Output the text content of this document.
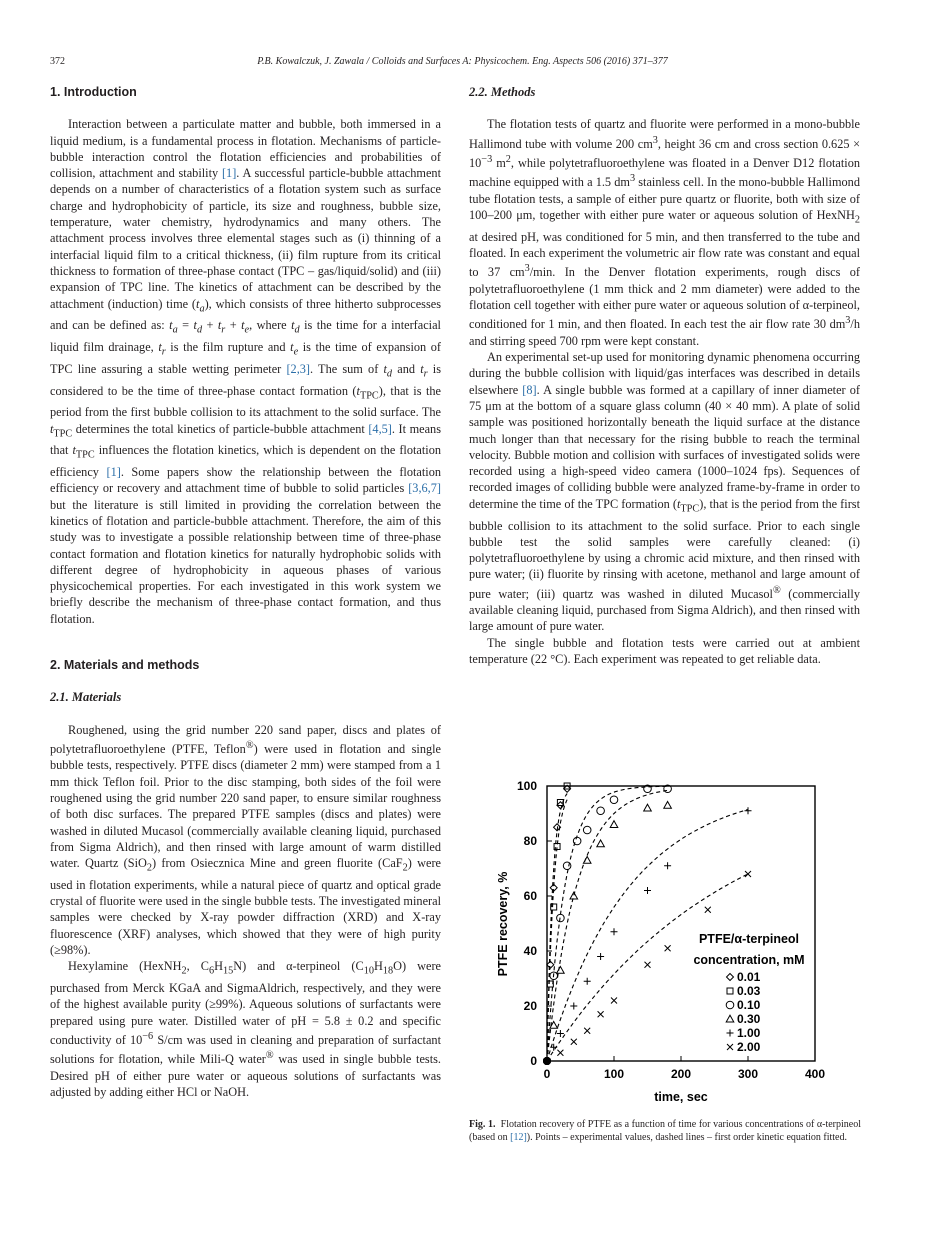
372	P.B. Kowalczuk, J. Zawala / Colloids and Surfaces A: Physicochem. Eng. Aspects 506 (2016) 371–377
1. Introduction

Interaction between a particulate matter and bubble, both immersed in a liquid medium, is a fundamental process in flotation. Mechanisms of particle-bubble interaction control the flotation efficiencies and probabilities of collision, attachment and stability [1]. A successful particle-bubble attachment depends on a number of characteristics of a flotation system such as surface charge and hydrophobicity of particle, its size and roughness, bubble size, temperature, water chemistry, hydrodynamics and many others. The attachment process involves three elemental stages such as (i) thinning of a interfacial liquid film to a critical thickness, (ii) film rupture from its critical thickness to formation of three-phase contact (TPC – gas/liquid/solid) and (iii) expansion of TPC line. The kinetics of attachment can be described by the attachment (induction) time $(t_a)$, which consists of three hitherto subprocesses and can be defined as: $t_a = t_d + t_r + t_e$, where $t_d$ is the time for a interfacial liquid film drainage, $t_r$ is the film rupture and $t_e$ is the time of expansion of TPC line assuring a stable wetting perimeter [2,3]. The sum of $t_d$ and $t_r$ is considered to be the time of three-phase contact formation $(t_{TPC})$, that is the period from the first bubble collision to its attachment to the solid surface. The $t_{TPC}$ determines the total kinetics of particle-bubble attachment [4,5]. It means that $t_{TPC}$ influences the flotation kinetics, which is dependent on the flotation efficiency [1]. Some papers show the relationship between the flotation efficiency or recovery and attachment time of bubble to solid particles [3,6,7] but the literature is still limited in providing the correlation between the kinetics of flotation and particle-bubble attachment. Therefore, the aim of this study was to investigate a possible relationship between time of three-phase contact formation and flotation kinetics for naturally hydrophobic solids with different degree of hydrophobicity in aqueous phases of various physicochemical properties. For each investigated in this work system we briefly describe the mechanism of three-phase contact formation, and thus flotation.

2. Materials and methods
2.1. Materials

Roughened, using the grid number 220 sand paper, discs and plates of polytetrafluoroethylene (PTFE, Teflon®) were used in flotation and single bubble tests, respectively. PTFE discs (diameter 2 mm) were stamped from a 1 mm thick Teflon foil. Prior to the disc stamping, both sides of the foil were roughened using the grid number 220 sand paper, to ensure similar roughness of both disc surfaces. The prepared PTFE samples (discs and plates) were washed in diluted Mucasol (commercially available cleaning liquid, purchased from Sigma Aldrich), and then rinsed with large amount of warm distilled water. Quartz (SiO$_2$) from Osiecznica Mine and green fluorite (CaF$_2$) were used in flotation experiments, while a natural piece of quartz and optical grade crystal of fluorite were used in the single bubble tests. The investigated mineral samples were checked by X-ray powder diffraction (XRD) and X-ray fluorescence (XRF) analyses, which showed that they were of high purity (≥98%).

Hexylamine (HexNH$_2$, $C_6H_{15}N$) and α-terpineol $(C_{10}H_{18}O)$ were purchased from Merck KGaA and SigmaAldrich, respectively, and they were of the highest available purity (≥99%). Aqueous solutions of surfactants were prepared using pure water. Distilled water of pH = 5.8 ± 0.2 and specific conductivity of $10^{-6}$ S/cm was used in cleaning and preparation of surfactant solutions for flotation, while Mili-Q water® was used in single bubble tests. Desired pH of either pure water or aqueous solutions of surfactants was adjusted by adding either HCl or NaOH.

2.2. Methods

The flotation tests of quartz and fluorite were performed in a mono-bubble Hallimond tube with volume 200 $cm^3$, height 36 cm and cross section $0.625 \times 10^{-3}$ $m^2$, while polytetrafluoroethylene was floated in a Denver D12 flotation machine equipped with a 1.5 $dm^3$ stainless cell. In the mono-bubble Hallimond tube flotation tests, a sample of either pure quartz or fluorite, both with size of 100–200 μm, together with either pure water or aqueous solution of HexNH$_2$ at desired pH, was conditioned for 5 min, and then transferred to the tube and floated. In each experiment the volumetric air flow rate was constant and equal to 37 $cm^3/\min$. In the Denver flotation experiments, rough discs of polytetrafluoroethylene (1 mm thick and 2 mm diameter) were added to the flotation cell together with either pure water or aqueous solution of α-terpineol, conditioned for 1 min, and then floated. In each test the air flow rate 30 $dm^3/h$ and stirring speed 700 rpm were kept constant.

An experimental set-up used for monitoring dynamic phenomena occurring during the bubble collision with liquid/gas interfaces was described in details elsewhere [8]. A single bubble was formed at a capillary of inner diameter of 75 μm at the bottom of a square glass column (40 × 40 mm). A plate of solid sample was positioned horizontally beneath the liquid surface at the distance much longer than that necessary for the rising bubble to reach the terminal velocity. Bubble motion and collision with surfaces of investigated solids were recorded using a high-speed video camera (1000–1024 fps). Sequences of recorded images of colliding bubble were analyzed frame-by-frame in order to determine the time of the TPC formation $(t_{TPC})$, that is the period from the first bubble collision to its attachment to the solid surface. Prior to each single bubble test the solid samples were carefully cleaned: (i) polytetrafluoroethylene by using a chromic acid mixture, and then rinsed with pure water; (ii) fluorite by rinsing with acetone, methanol and large amount of pure water; (iii) quartz was washed in diluted Mucasol® (commercially available cleaning liquid, purchased from Sigma Aldrich), and then rinsed with large amount of pure water.

The single bubble and flotation tests were carried out at ambient temperature (22 °C). Each experiment was repeated to get reliable data.

0	100	200	300	400
0
20
40
60
80
100
time, sec
PTFE recovery, %	PTFE/α-terpineol
concentration, mM
0.01
0.03
0.10
0.30
1.00
2.00
Fig. 1. Flotation recovery of PTFE as a function of time for various concentrations of α-terpineol (based on [12]). Points – experimental values, dashed lines – first order kinetic equation fitted.
